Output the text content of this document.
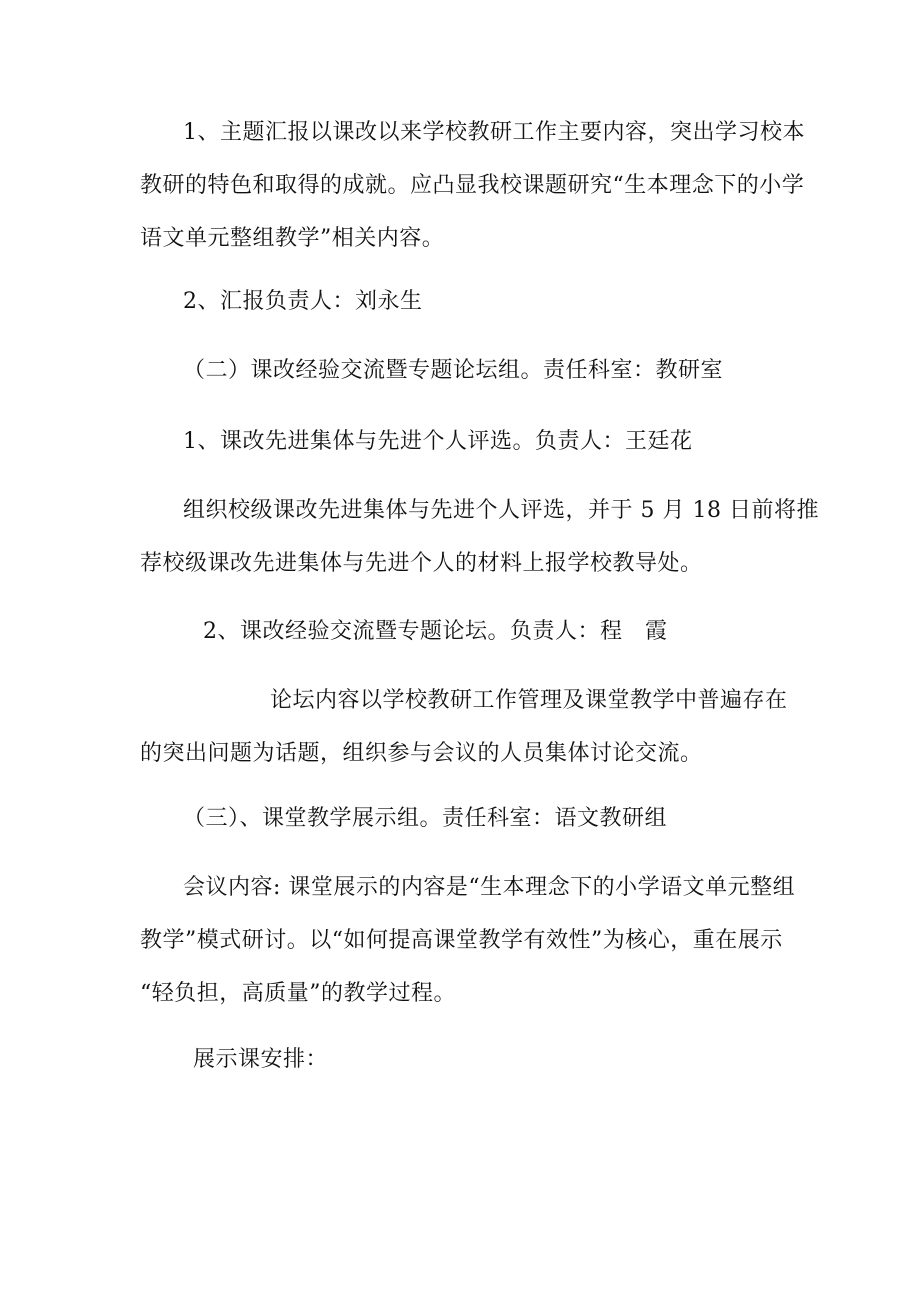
1、主题汇报以课改以来学校教研工作主要内容，突出学习校本
教研的特色和取得的成就。应凸显我校课题研究“生本理念下的小学
语文单元整组教学”相关内容。
2、汇报负责人：刘永生
（二）课改经验交流暨专题论坛组。责任科室：教研室
1、课改先进集体与先进个人评选。负责人：王廷花
组织校级课改先进集体与先进个人评选，并于 5 月 18 日前将推
荐校级课改先进集体与先进个人的材料上报学校教导处。
2、课改经验交流暨专题论坛。负责人：程　霞
论坛内容以学校教研工作管理及课堂教学中普遍存在
的突出问题为话题，组织参与会议的人员集体讨论交流。
（三）、课堂教学展示组。责任科室：语文教研组
会议内容: 课堂展示的内容是“生本理念下的小学语文单元整组
教学”模式研讨。以“如何提高课堂教学有效性”为核心，重在展示
“轻负担，高质量”的教学过程。
展示课安排：
